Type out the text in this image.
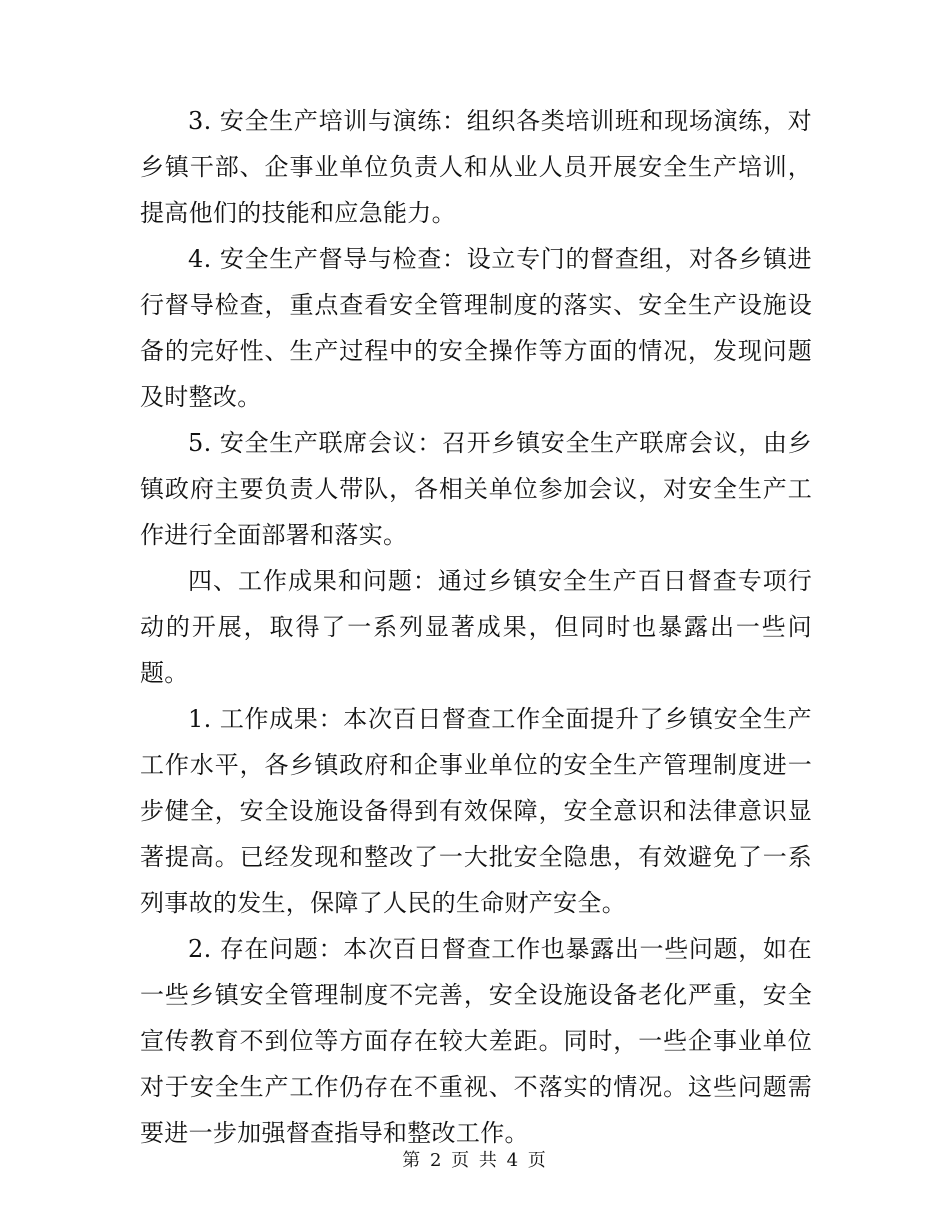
3. 安全生产培训与演练：组织各类培训班和现场演练，对乡镇干部、企事业单位负责人和从业人员开展安全生产培训，提高他们的技能和应急能力。

4. 安全生产督导与检查：设立专门的督查组，对各乡镇进行督导检查，重点查看安全管理制度的落实、安全生产设施设备的完好性、生产过程中的安全操作等方面的情况，发现问题及时整改。

5. 安全生产联席会议：召开乡镇安全生产联席会议，由乡镇政府主要负责人带队，各相关单位参加会议，对安全生产工作进行全面部署和落实。

四、工作成果和问题：通过乡镇安全生产百日督查专项行动的开展，取得了一系列显著成果，但同时也暴露出一些问题。

1. 工作成果：本次百日督查工作全面提升了乡镇安全生产工作水平，各乡镇政府和企事业单位的安全生产管理制度进一步健全，安全设施设备得到有效保障，安全意识和法律意识显著提高。已经发现和整改了一大批安全隐患，有效避免了一系列事故的发生，保障了人民的生命财产安全。

2. 存在问题：本次百日督查工作也暴露出一些问题，如在一些乡镇安全管理制度不完善，安全设施设备老化严重，安全宣传教育不到位等方面存在较大差距。同时，一些企事业单位对于安全生产工作仍存在不重视、不落实的情况。这些问题需要进一步加强督查指导和整改工作。

第 2 页 共 4 页
